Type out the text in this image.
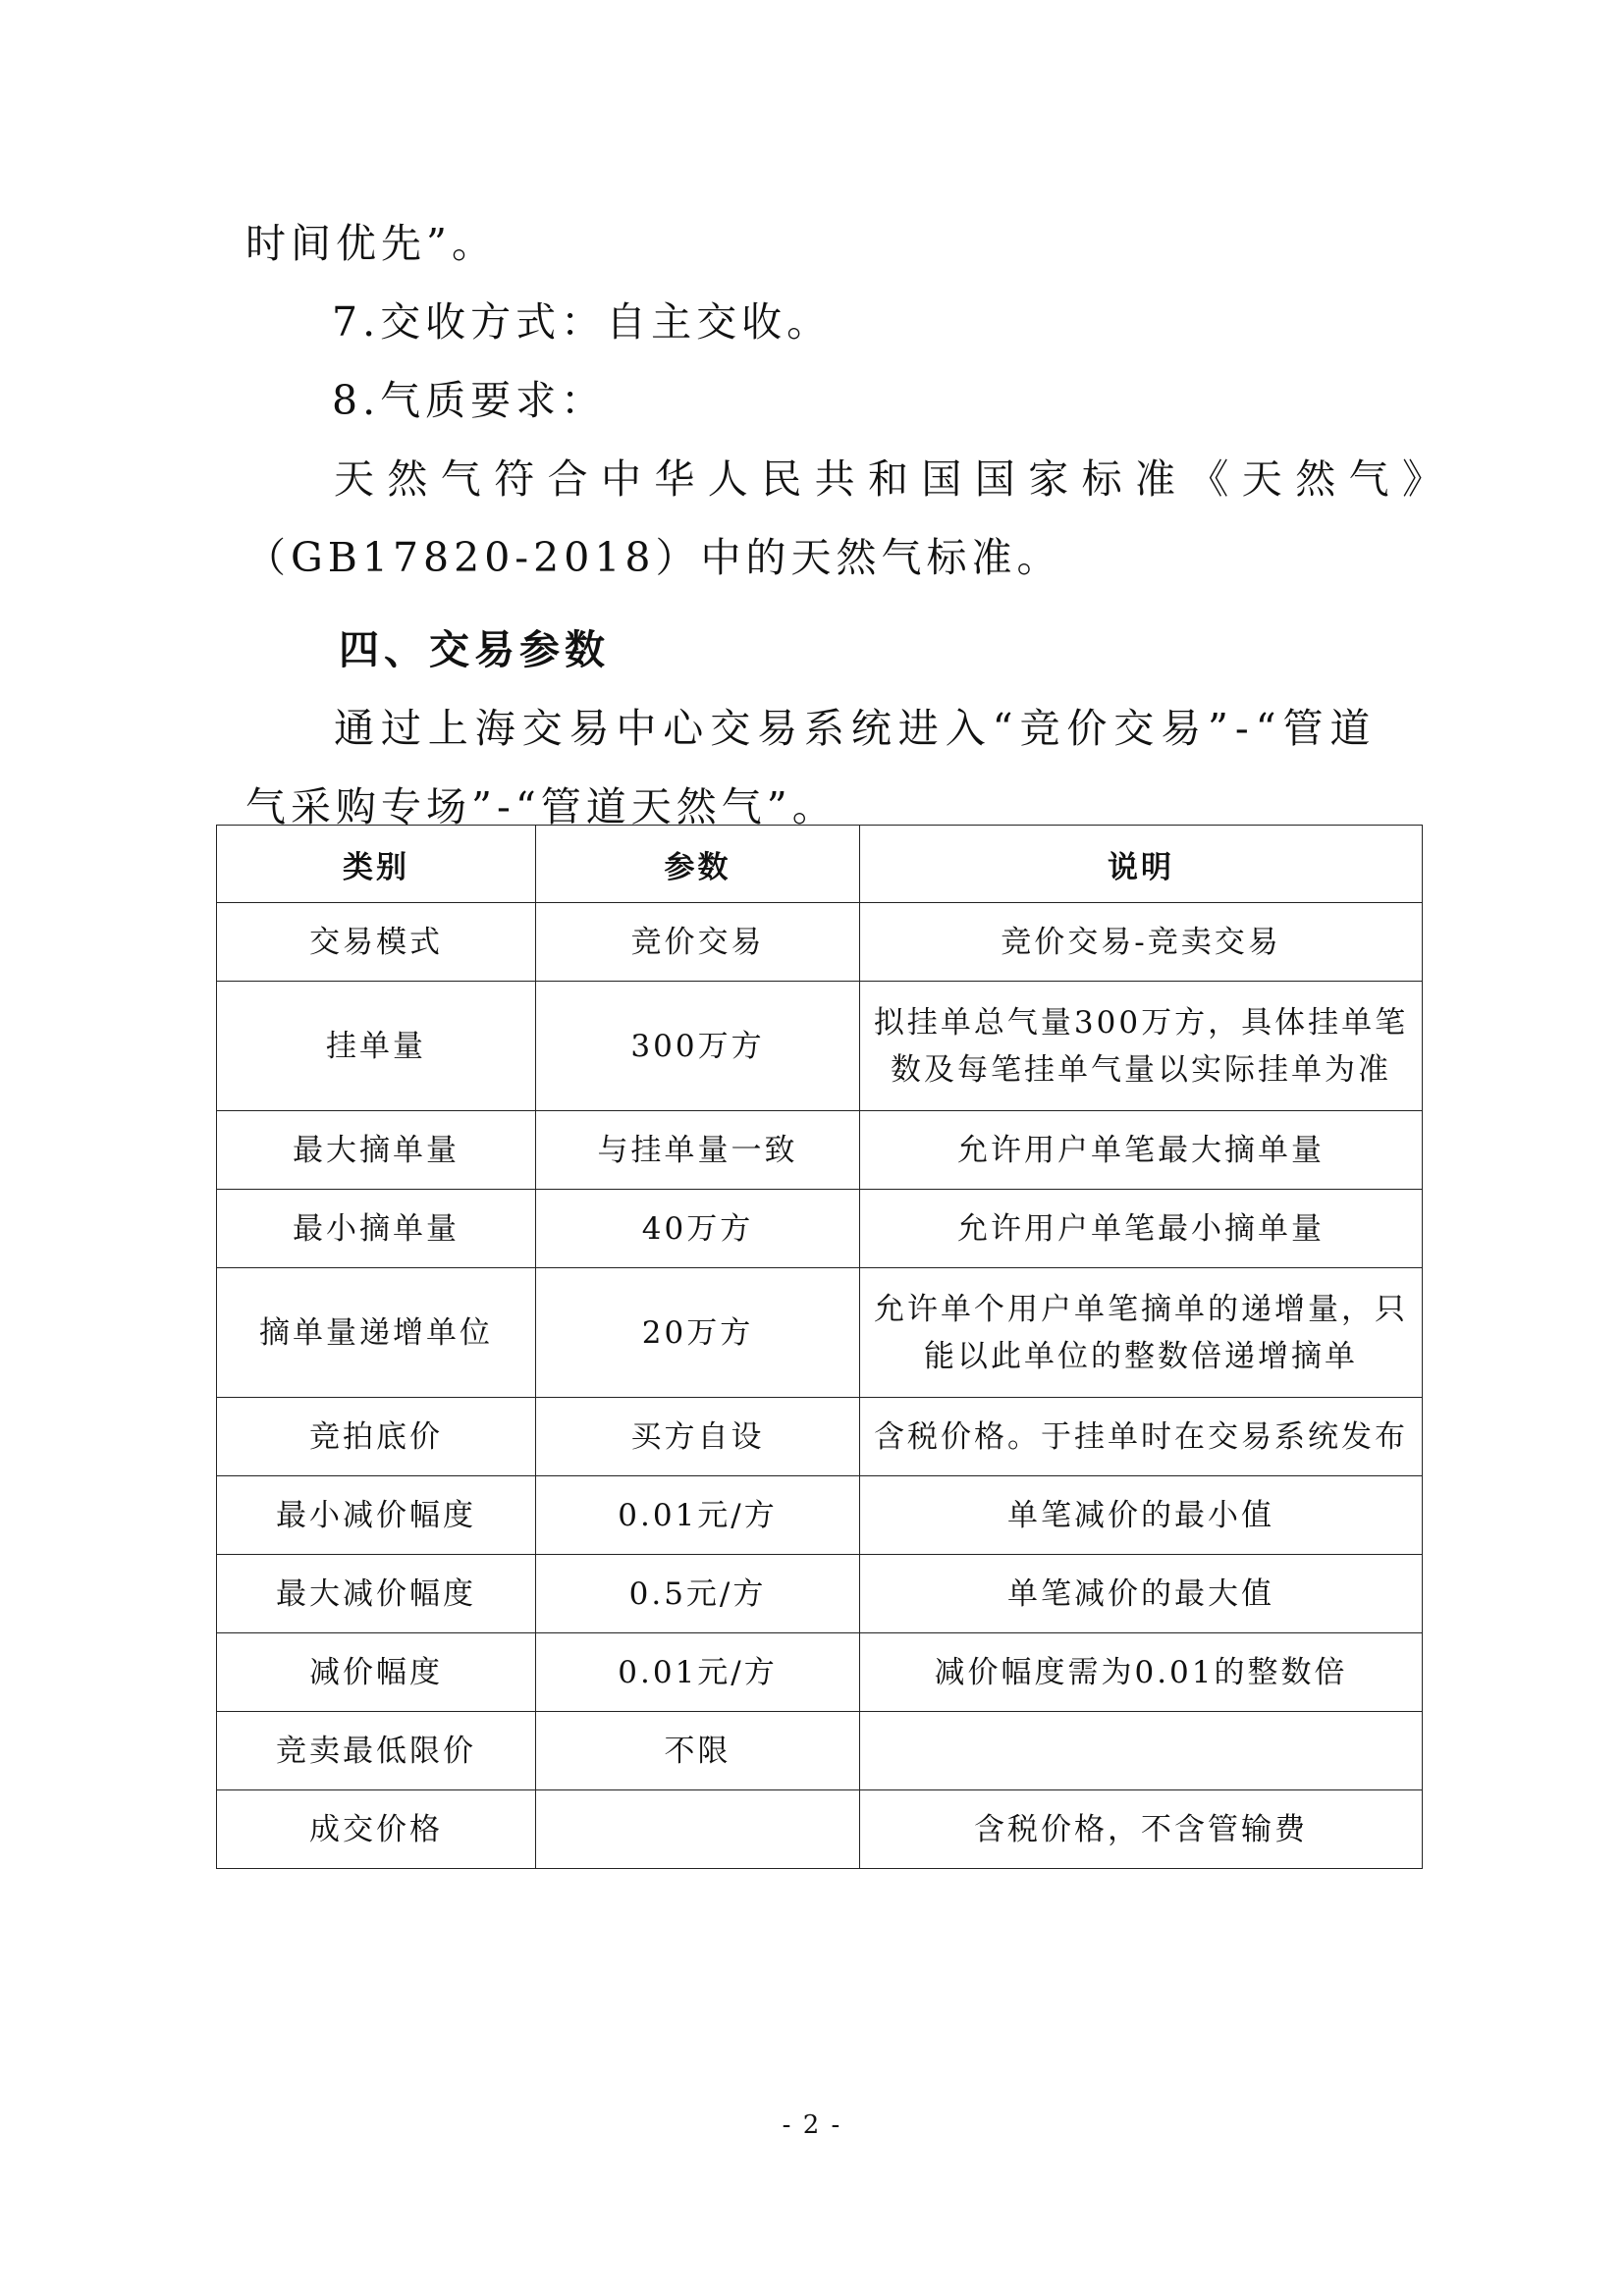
时间优先”。

7.交收方式：自主交收。

8.气质要求：

天然气符合中华人民共和国国家标准《天然气》

（GB17820-2018）中的天然气标准。

四、交易参数

通过上海交易中心交易系统进入“竞价交易”-“管道

气采购专场”-“管道天然气”。

类别	参数	说明
交易模式	竞价交易	竞价交易-竞卖交易

挂单量	300万方	拟挂单总气量300万方，具体挂单笔
数及每笔挂单气量以实际挂单为准

最大摘单量	与挂单量一致	允许用户单笔最大摘单量

最小摘单量	40万方	允许用户单笔最小摘单量

摘单量递增单位	20万方	允许单个用户单笔摘单的递增量，只
能以此单位的整数倍递增摘单

竞拍底价	买方自设	含税价格。于挂单时在交易系统发布

最小减价幅度	0.01元/方	单笔减价的最小值

最大减价幅度	0.5元/方	单笔减价的最大值

减价幅度	0.01元/方	减价幅度需为0.01的整数倍

竞卖最低限价	不限	

成交价格		含税价格，不含管输费
- 2 -
